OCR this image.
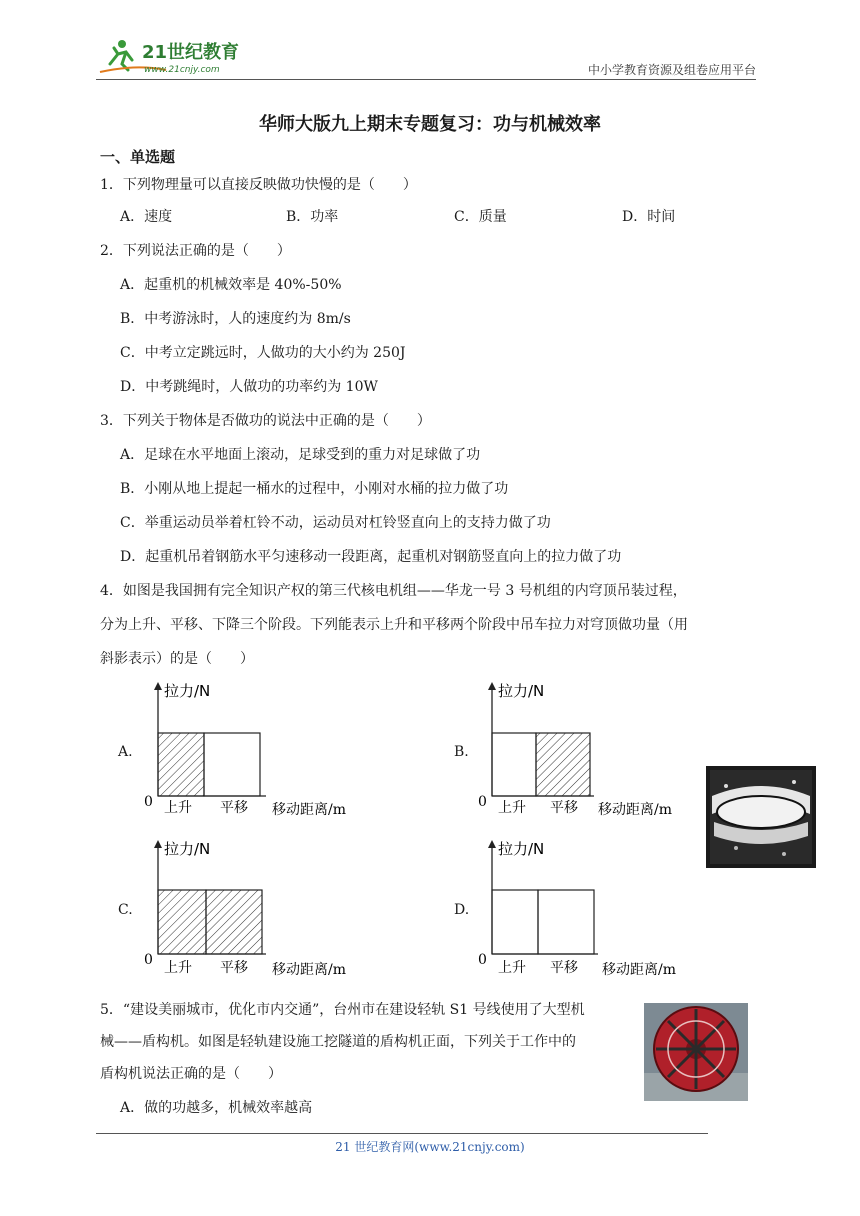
21世纪教育
www.21cnjy.com	中小学教育资源及组卷应用平台
华师大版九上期末专题复习：功与机械效率
一、单选题
1．下列物理量可以直接反映做功快慢的是（　　）
A．速度	B．功率	C．质量	D．时间
2．下列说法正确的是（　　）
A．起重机的机械效率是 40%-50%
B．中考游泳时，人的速度约为 8m/s
C．中考立定跳远时，人做功的大小约为 250J
D．中考跳绳时，人做功的功率约为 10W
3．下列关于物体是否做功的说法中正确的是（　　）
A．足球在水平地面上滚动，足球受到的重力对足球做了功
B．小刚从地上提起一桶水的过程中，小刚对水桶的拉力做了功
C．举重运动员举着杠铃不动，运动员对杠铃竖直向上的支持力做了功
D．起重机吊着钢筋水平匀速移动一段距离，起重机对钢筋竖直向上的拉力做了功
4．如图是我国拥有完全知识产权的第三代核电机组——华龙一号 3 号机组的内穹顶吊装过程，
分为上升、平移、下降三个阶段。下列能表示上升和平移两个阶段中吊车拉力对穹顶做功量（用
斜影表示）的是（　　）
A.	B.
C.	D.
拉力/N
0 上升 平移 移动距离/m
拉力/N
0 上升 平移 移动距离/m
拉力/N
0 上升 平移 移动距离/m
拉力/N
0 上升 平移 移动距离/m
5．“建设美丽城市，优化市内交通”，台州市在建设轻轨 S1 号线使用了大型机
械——盾构机。如图是轻轨建设施工挖隧道的盾构机正面，下列关于工作中的
盾构机说法正确的是（　　）
A．做的功越多，机械效率越高
21 世纪教育网(www.21cnjy.com)
